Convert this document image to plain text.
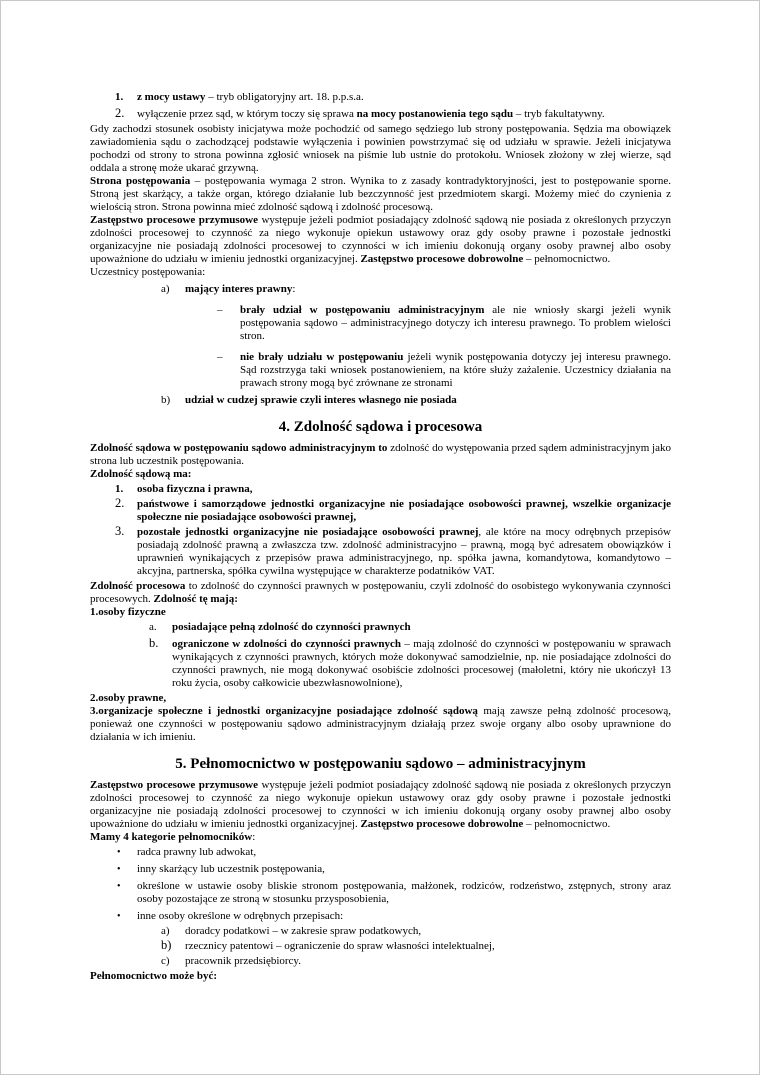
1. z mocy ustawy – tryb obligatoryjny art. 18. p.p.s.a.
2. wyłączenie przez sąd, w którym toczy się sprawa na mocy postanowienia tego sądu – tryb fakultatywny.
Gdy zachodzi stosunek osobisty inicjatywa może pochodzić od samego sędziego lub strony postępowania. Sędzia ma obowiązek zawiadomienia sądu o zachodzącej podstawie wyłączenia i powinien powstrzymać się od udziału w sprawie. Jeżeli inicjatywa pochodzi od strony to strona powinna zgłosić wniosek na piśmie lub ustnie do protokołu. Wniosek złożony w złej wierze, sąd oddala a stronę może ukarać grzywną.
Strona postępowania – postępowania wymaga 2 stron. Wynika to z zasady kontradyktoryjności, jest to postępowanie sporne. Stroną jest skarżący, a także organ, którego działanie lub bezczynność jest przedmiotem skargi. Możemy mieć do czynienia z wielością stron. Strona powinna mieć zdolność sądową i zdolność procesową.
Zastępstwo procesowe przymusowe występuje jeżeli podmiot posiadający zdolność sądową nie posiada z określonych przyczyn zdolności procesowej to czynność za niego wykonuje opiekun ustawowy oraz gdy osoby prawne i pozostałe jednostki organizacyjne nie posiadają zdolności procesowej to czynności w ich imieniu dokonują organy osoby prawnej albo osoby upoważnione do udziału w imieniu jednostki organizacyjnej. Zastępstwo procesowe dobrowolne – pełnomocnictwo.
Uczestnicy postępowania:
a) mający interes prawny:
– brały udział w postępowaniu administracyjnym ale nie wniosły skargi jeżeli wynik postępowania sądowo – administracyjnego dotyczy ich interesu prawnego. To problem wielości stron.
– nie brały udziału w postępowaniu jeżeli wynik postępowania dotyczy jej interesu prawnego. Sąd rozstrzyga taki wniosek postanowieniem, na które służy zażalenie. Uczestnicy działania na prawach strony mogą być zrównane ze stronami
b) udział w cudzej sprawie czyli interes własnego nie posiada
4. Zdolność sądowa i procesowa
Zdolność sądowa w postępowaniu sądowo administracyjnym to zdolność do występowania przed sądem administracyjnym jako strona lub uczestnik postępowania.
Zdolność sądową ma:
1. osoba fizyczna i prawna,
2. państwowe i samorządowe jednostki organizacyjne nie posiadające osobowości prawnej, wszelkie organizacje społeczne nie posiadające osobowości prawnej,
3. pozostałe jednostki organizacyjne nie posiadające osobowości prawnej, ale które na mocy odrębnych przepisów posiadają zdolność prawną a zwłaszcza tzw. zdolność administracyjno – prawną, mogą być adresatem obowiązków i uprawnień wynikających z przepisów prawa administracyjnego, np. spółka jawna, komandytowa, komandytowo – akcyjna, partnerska, spółka cywilna występujące w charakterze podatników VAT.
Zdolność procesowa to zdolność do czynności prawnych w postępowaniu, czyli zdolność do osobistego wykonywania czynności procesowych. Zdolność tę mają:
1.osoby fizyczne
a. posiadające pełną zdolność do czynności prawnych
b. ograniczone w zdolności do czynności prawnych – mają zdolność do czynności w postępowaniu w sprawach wynikających z czynności prawnych, których może dokonywać samodzielnie, np. nie posiadające zdolności do czynności prawnych, nie mogą dokonywać osobiście zdolności procesowej (małoletni, który nie ukończył 13 roku życia, osoby całkowicie ubezwłasnowolnione),
2.osoby prawne,
3.organizacje społeczne i jednostki organizacyjne posiadające zdolność sądową mają zawsze pełną zdolność procesową, ponieważ one czynności w postępowaniu sądowo administracyjnym działają przez swoje organy albo osoby uprawnione do działania w ich imieniu.
5. Pełnomocnictwo w postępowaniu sądowo – administracyjnym
Zastępstwo procesowe przymusowe występuje jeżeli podmiot posiadający zdolność sądową nie posiada z określonych przyczyn zdolności procesowej to czynność za niego wykonuje opiekun ustawowy oraz gdy osoby prawne i pozostałe jednostki organizacyjne nie posiadają zdolności procesowej to czynności w ich imieniu dokonują organy osoby prawnej albo osoby upoważnione do udziału w imieniu jednostki organizacyjnej. Zastępstwo procesowe dobrowolne – pełnomocnictwo.
Mamy 4 kategorie pełnomocników:
• radca prawny lub adwokat,
• inny skarżący lub uczestnik postępowania,
• określone w ustawie osoby bliskie stronom postępowania, małżonek, rodziców, rodzeństwo, zstępnych, strony araz osoby pozostające ze stroną w stosunku przysposobienia,
• inne osoby określone w odrębnych przepisach:
a) doradcy podatkowi – w zakresie spraw podatkowych,
b) rzecznicy patentowi – ograniczenie do spraw własności intelektualnej,
c) pracownik przedsiębiorcy.
Pełnomocnictwo może być:
